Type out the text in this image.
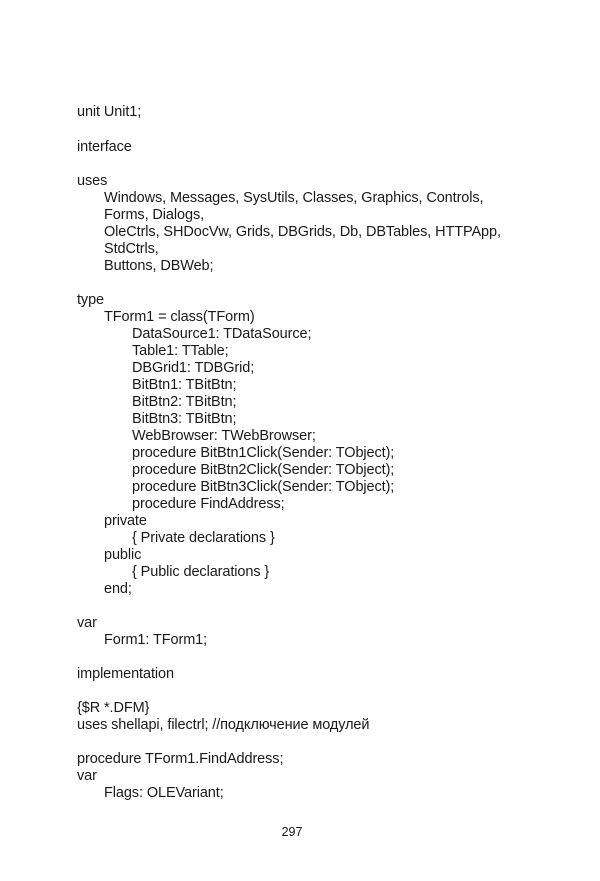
unit Unit1;
interface
uses
Windows, Messages, SysUtils, Classes, Graphics, Controls,
Forms, Dialogs,
OleCtrls, SHDocVw, Grids, DBGrids, Db, DBTables, HTTPApp,
StdCtrls,
Buttons, DBWeb;
type
TForm1 = class(TForm)
DataSource1: TDataSource;
Table1: TTable;
DBGrid1: TDBGrid;
BitBtn1: TBitBtn;
BitBtn2: TBitBtn;
BitBtn3: TBitBtn;
WebBrowser: TWebBrowser;
procedure BitBtn1Click(Sender: TObject);
procedure BitBtn2Click(Sender: TObject);
procedure BitBtn3Click(Sender: TObject);
procedure FindAddress;
private
{ Private declarations }
public
{ Public declarations }
end;
var
Form1: TForm1;
implementation
{$R *.DFM}
uses shellapi, filectrl; //подключение модулей
procedure TForm1.FindAddress;
var
Flags: OLEVariant;
297
